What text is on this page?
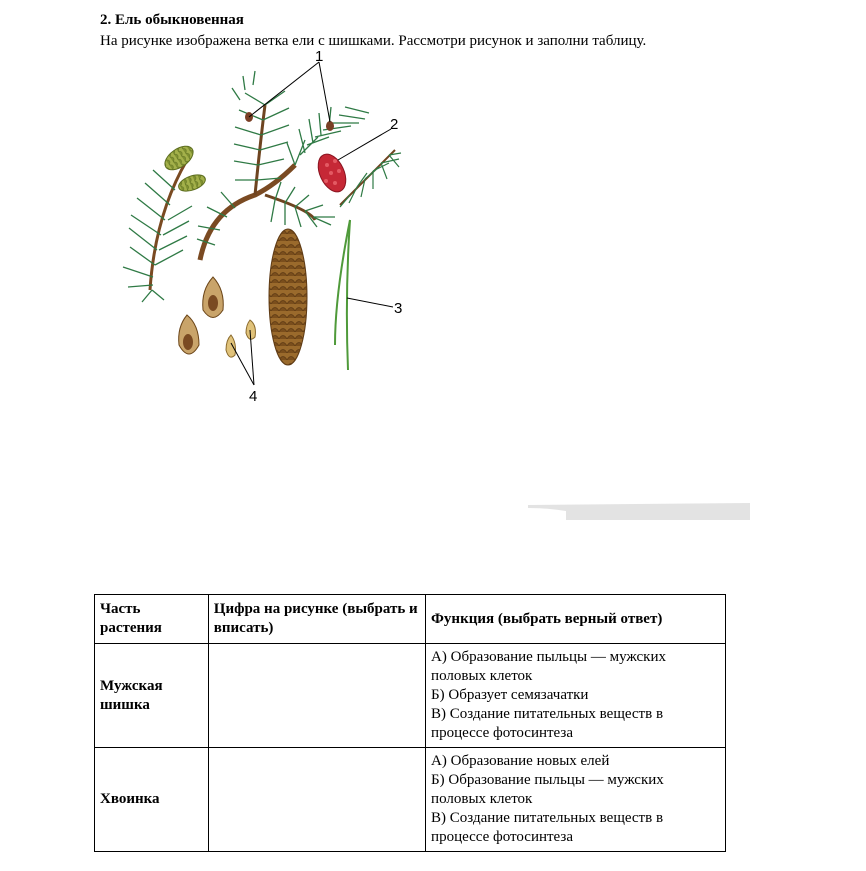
2. Ель обыкновенная
На рисунке изображена ветка ели с шишками. Рассмотри рисунок и заполни таблицу.
1
2
3
4
Часть растения	Цифра на рисунке (выбрать и вписать)	Функция (выбрать верный ответ)
Мужская шишка		А) Образование пыльцы — мужских половых клеток
Б) Образует семязачатки
В) Создание питательных веществ в процессе фотосинтеза

Хвоинка		А) Образование новых елей
Б) Образование пыльцы — мужских половых клеток
В) Создание питательных веществ в процессе фотосинтеза
